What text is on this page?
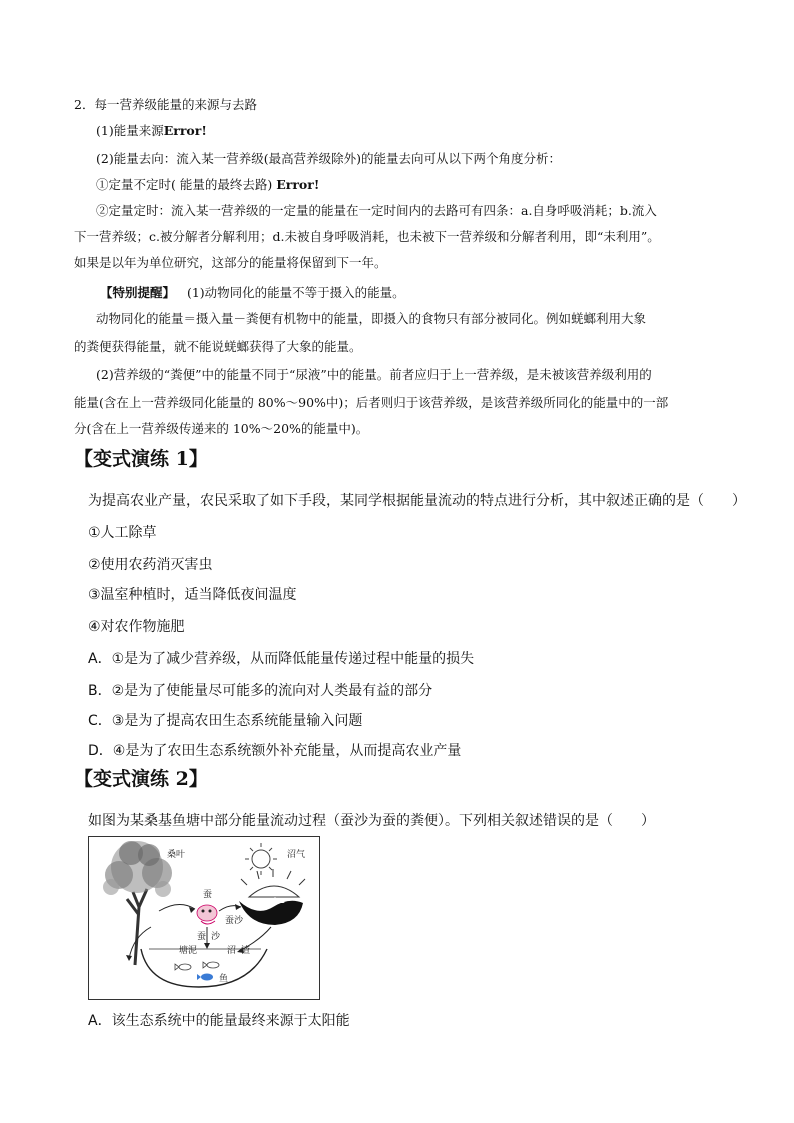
2．每一营养级能量的来源与去路
(1)能量来源Error!
(2)能量去向：流入某一营养级(最高营养级除外)的能量去向可从以下两个角度分析：
①定量不定时( 能量的最终去路) Error!
②定量定时：流入某一营养级的一定量的能量在一定时间内的去路可有四条：a.自身呼吸消耗；b.流入
下一营养级；c.被分解者分解利用；d.未被自身呼吸消耗，也未被下一营养级和分解者利用，即“未利用”。
如果是以年为单位研究，这部分的能量将保留到下一年。
【特别提醒】 (1)动物同化的能量不等于摄入的能量。
动物同化的能量＝摄入量－粪便有机物中的能量，即摄入的食物只有部分被同化。例如蜣螂利用大象
的粪便获得能量，就不能说蜣螂获得了大象的能量。
(2)营养级的“粪便”中的能量不同于“尿液”中的能量。前者应归于上一营养级，是未被该营养级利用的
能量(含在上一营养级同化能量的 80%～90%中)；后者则归于该营养级，是该营养级所同化的能量中的一部
分(含在上一营养级传递来的 10%～20%的能量中)。
【变式演练 1】
为提高农业产量，农民采取了如下手段，某同学根据能量流动的特点进行分析，其中叙述正确的是（　　）
①人工除草
②使用农药消灭害虫
③温室种植时，适当降低夜间温度
④对农作物施肥
A．①是为了减少营养级，从而降低能量传递过程中能量的损失
B．②是为了使能量尽可能多的流向对人类最有益的部分
C．③是为了提高农田生态系统能量输入问题
D．④是为了农田生态系统额外补充能量，从而提高农业产量
【变式演练 2】
如图为某桑基鱼塘中部分能量流动过程（蚕沙为蚕的粪便）。下列相关叙述错误的是（　　）
桑叶	沼气
蚕
蚕沙
蚕 沙
塘泥	沼 渣
鱼
A．该生态系统中的能量最终来源于太阳能
